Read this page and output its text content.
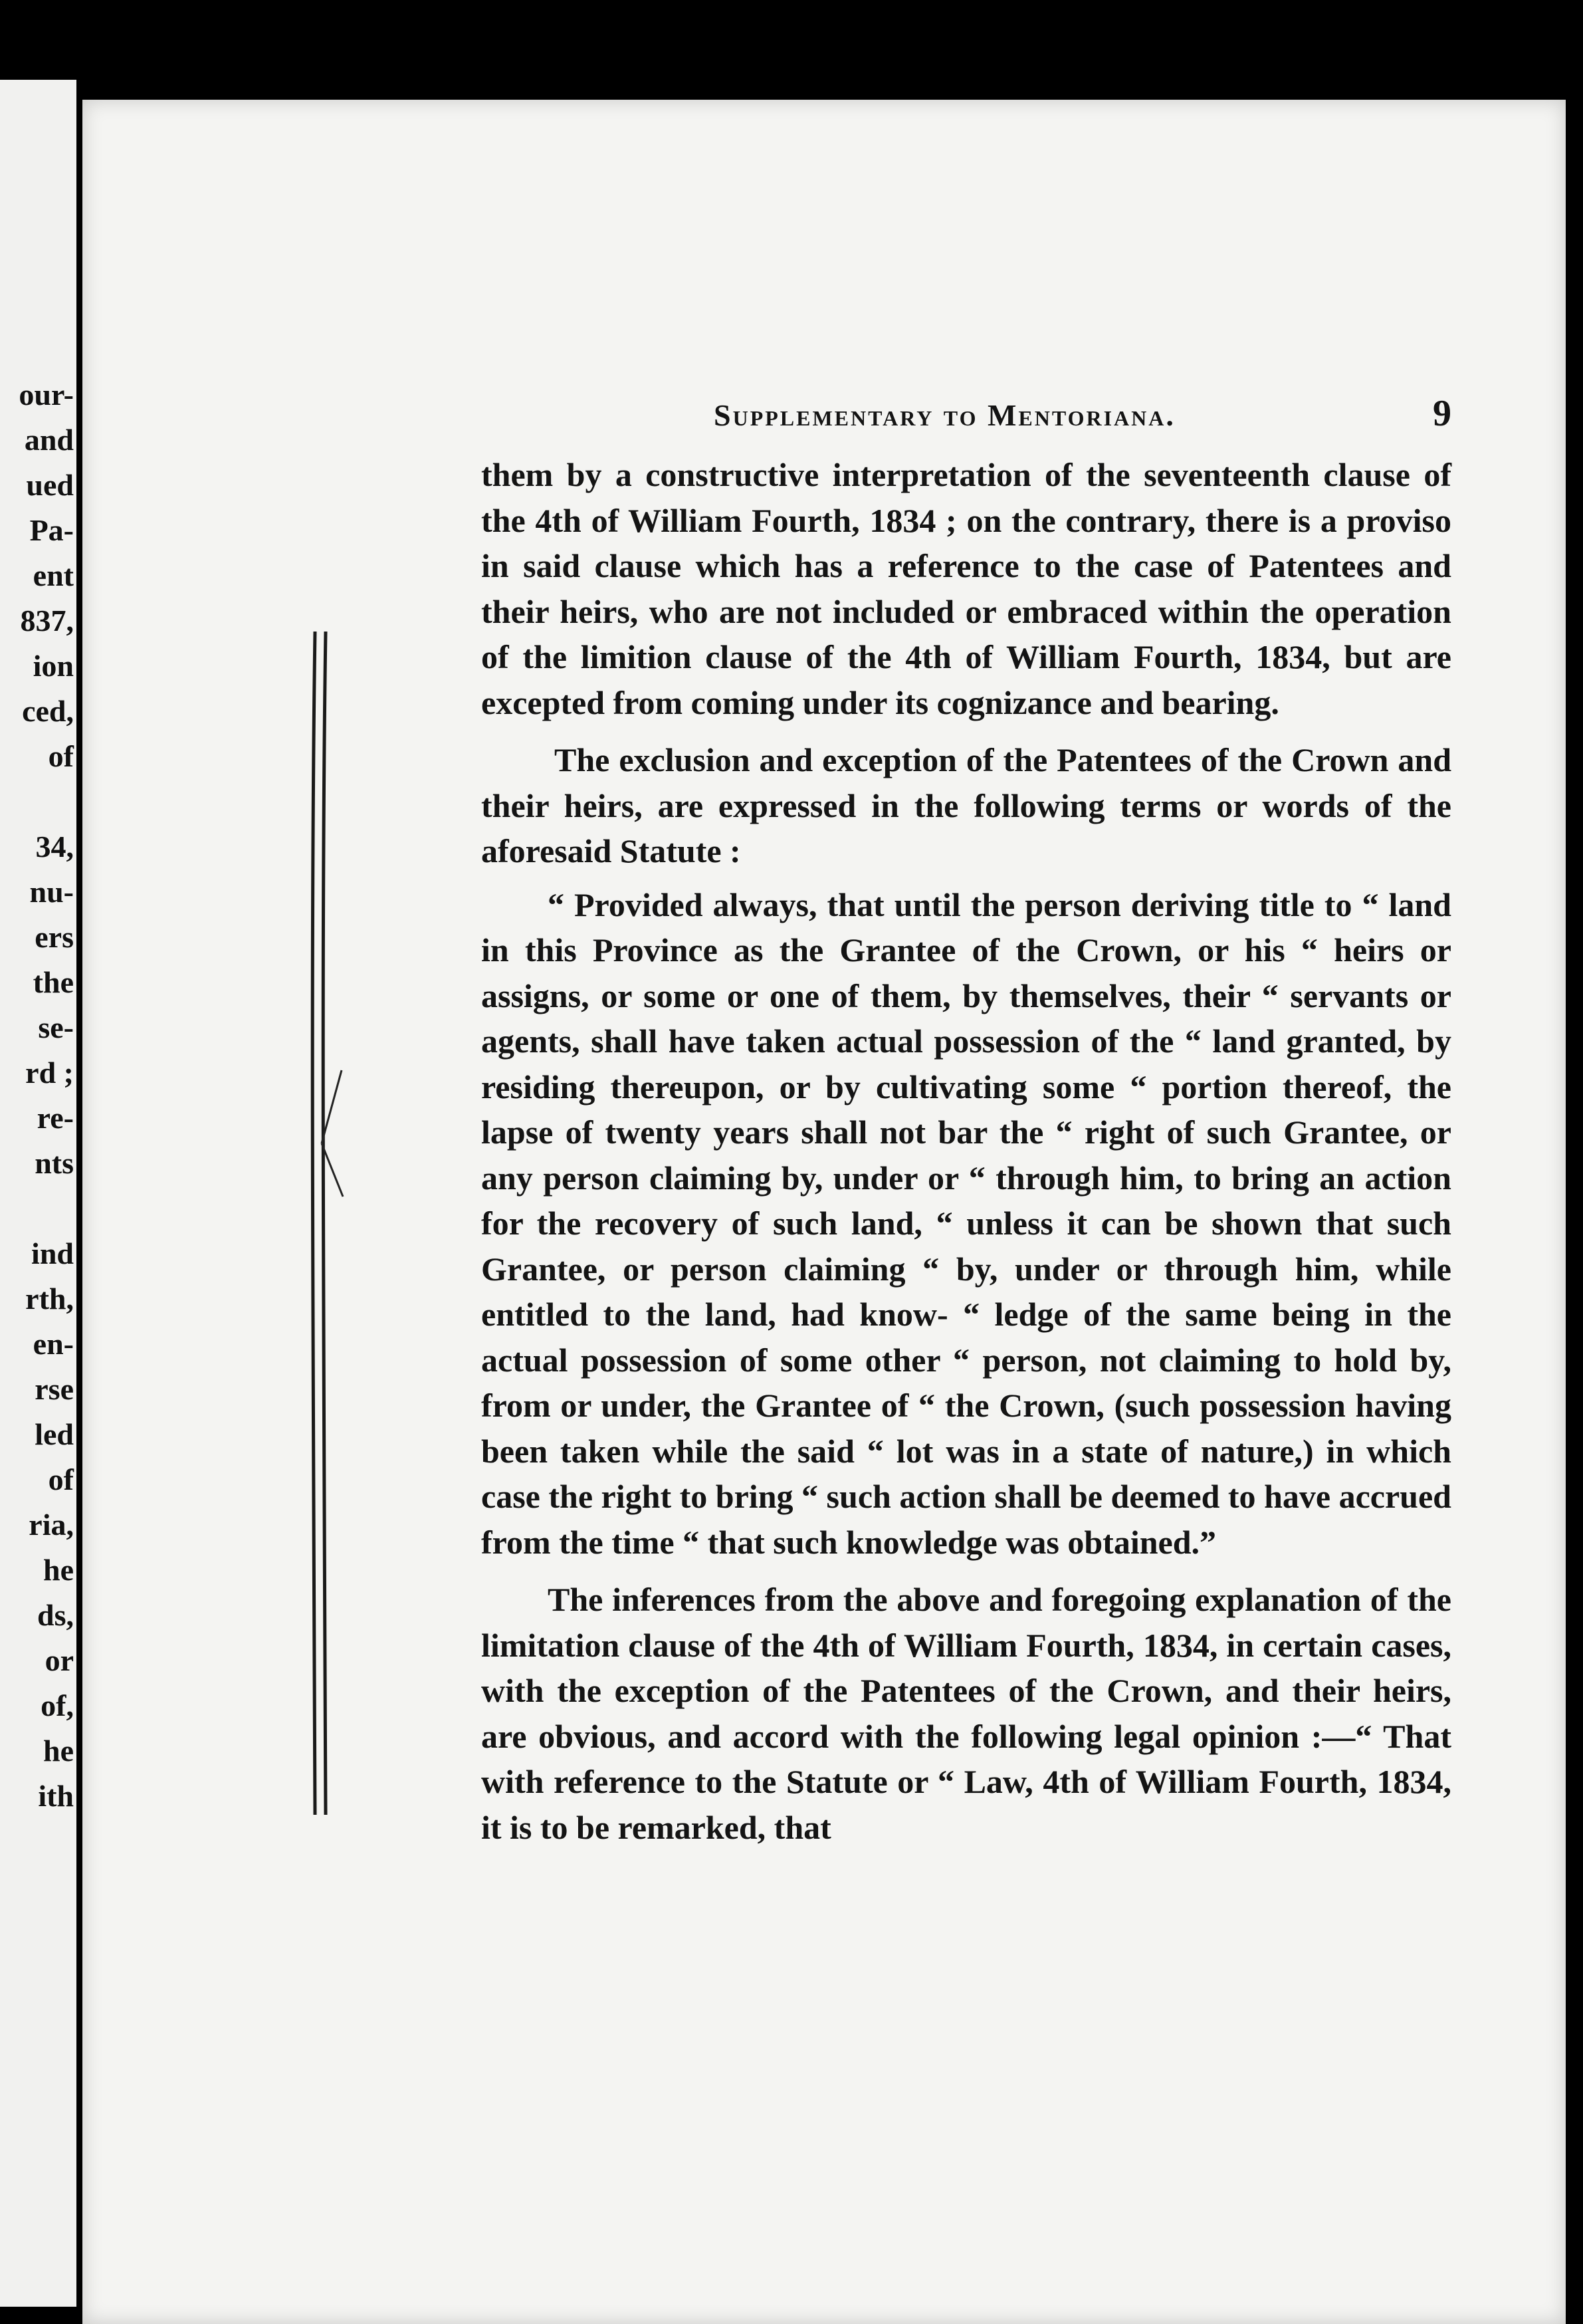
our-
and
ued
Pa-
ent
837,
ion
ced,
of
34,
nu-
ers
the
se-
rd ;
re-
nts
ind
rth,
en-
rse
led
of
ria,
he
ds,
or
of,
he
ith
Supplementary to Mentoriana.	9

them by a constructive interpretation of the seventeenth clause of the 4th of William Fourth, 1834 ; on the contrary, there is a proviso in said clause which has a reference to the case of Patentees and their heirs, who are not included or embraced within the operation of the limition clause of the 4th of William Fourth, 1834, but are excepted from coming under its cognizance and bearing.

The exclusion and exception of the Patentees of the Crown and their heirs, are expressed in the following terms or words of the aforesaid Statute :

“ Provided always, that until the person deriving title to “ land in this Province as the Grantee of the Crown, or his “ heirs or assigns, or some or one of them, by themselves, their “ servants or agents, shall have taken actual possession of the “ land granted, by residing thereupon, or by cultivating some “ portion thereof, the lapse of twenty years shall not bar the “ right of such Grantee, or any person claiming by, under or “ through him, to bring an action for the recovery of such land, “ unless it can be shown that such Grantee, or person claiming “ by, under or through him, while entitled to the land, had know- “ ledge of the same being in the actual possession of some other “ person, not claiming to hold by, from or under, the Grantee of “ the Crown, (such possession having been taken while the said “ lot was in a state of nature,) in which case the right to bring “ such action shall be deemed to have accrued from the time “ that such knowledge was obtained.”

The inferences from the above and foregoing explanation of the limitation clause of the 4th of William Fourth, 1834, in certain cases, with the exception of the Patentees of the Crown, and their heirs, are obvious, and accord with the following legal opinion :—“ That with reference to the Statute or “ Law, 4th of William Fourth, 1834, it is to be remarked, that
